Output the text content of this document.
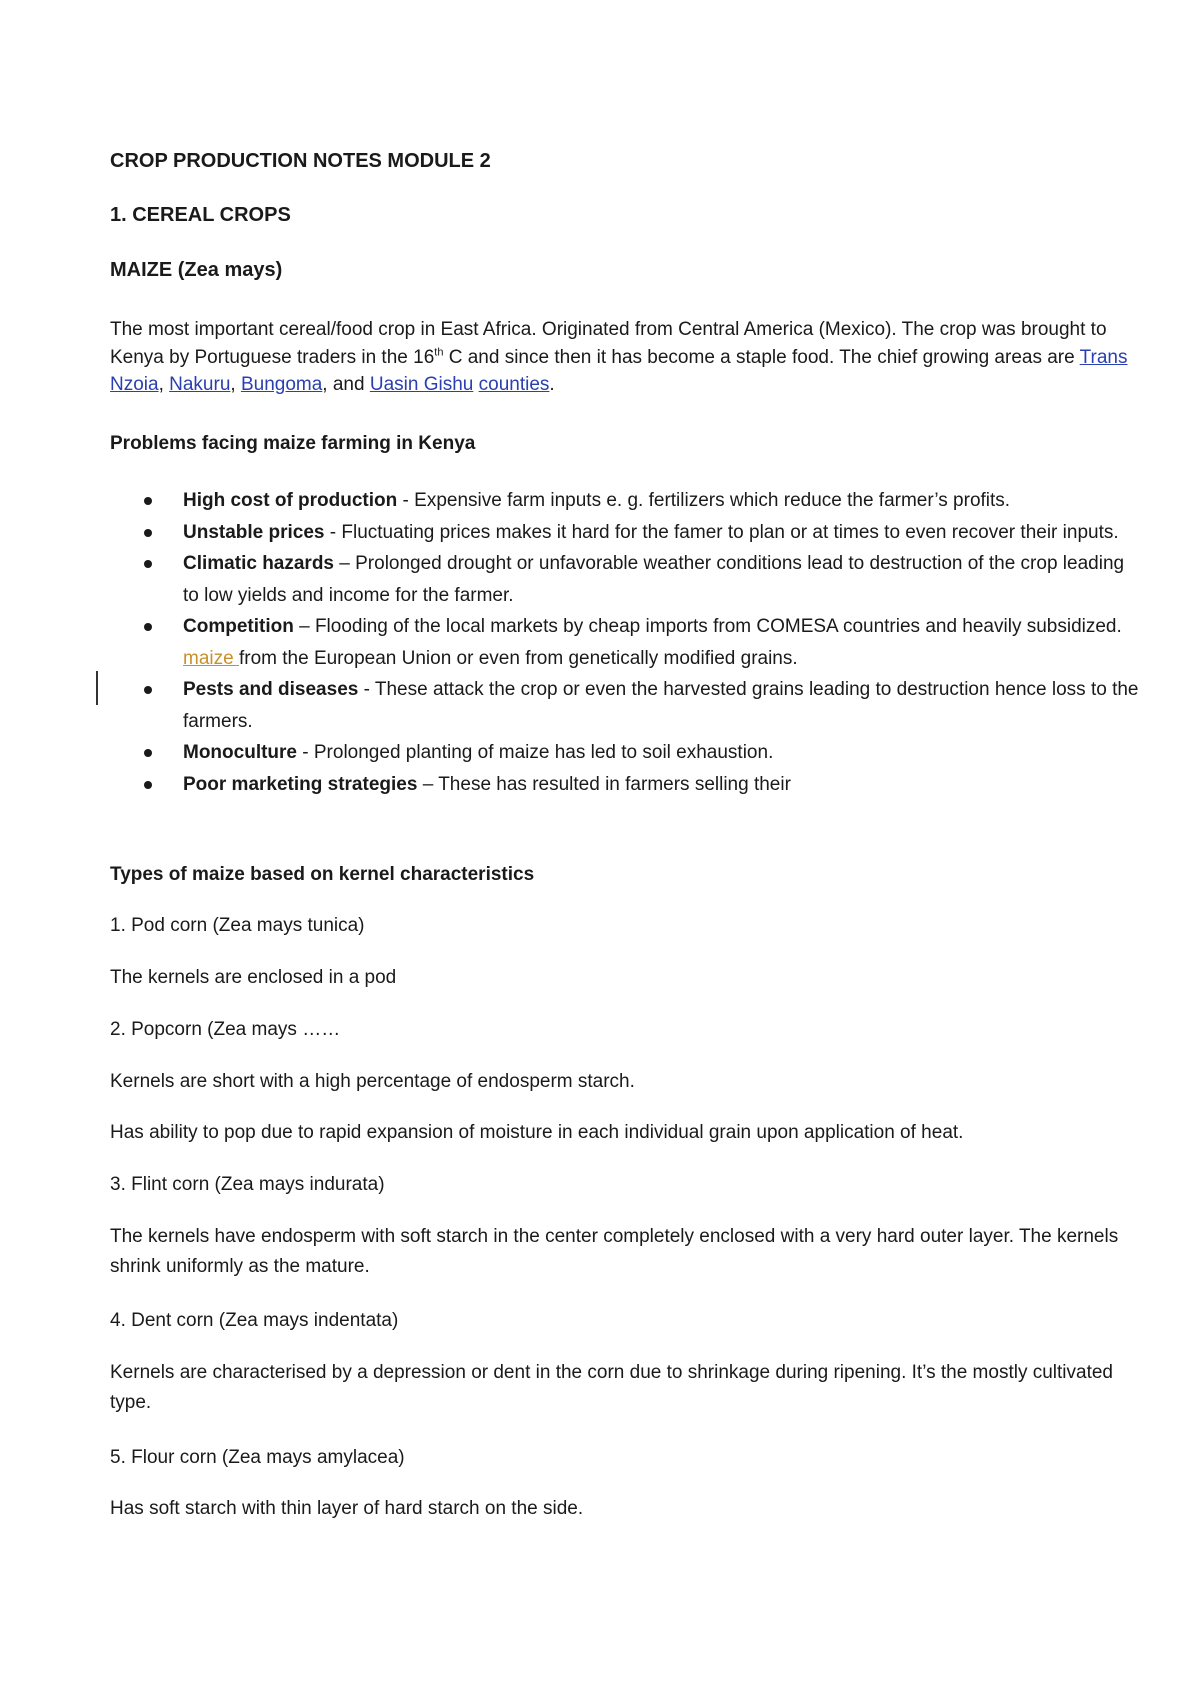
CROP PRODUCTION NOTES MODULE 2

1. CEREAL CROPS

MAIZE (Zea mays)

The most important cereal/food crop in East Africa. Originated from Central America (Mexico). The crop was brought to Kenya by Portuguese traders in the 16th C and since then it has become a staple food. The chief growing areas are Trans Nzoia, Nakuru, Bungoma, and Uasin Gishu counties.

Problems facing maize farming in Kenya

High cost of production - Expensive farm inputs e. g. fertilizers which reduce the farmer’s profits.
Unstable prices - Fluctuating prices makes it hard for the famer to plan or at times to even recover their inputs.
Climatic hazards – Prolonged drought or unfavorable weather conditions lead to destruction of the crop leading to low yields and income for the farmer.
Competition – Flooding of the local markets by cheap imports from COMESA countries and heavily subsidized. maize from the European Union or even from genetically modified grains.
Pests and diseases - These attack the crop or even the harvested grains leading to destruction hence loss to the farmers.
Monoculture - Prolonged planting of maize has led to soil exhaustion.
Poor marketing strategies – These has resulted in farmers selling their

Types of maize based on kernel characteristics

1. Pod corn (Zea mays tunica)

The kernels are enclosed in a pod

2. Popcorn (Zea mays ……

Kernels are short with a high percentage of endosperm starch.

Has ability to pop due to rapid expansion of moisture in each individual grain upon application of heat.

3. Flint corn (Zea mays indurata)

The kernels have endosperm with soft starch in the center completely enclosed with a very hard outer layer. The kernels shrink uniformly as the mature.

4. Dent corn (Zea mays indentata)

Kernels are characterised by a depression or dent in the corn due to shrinkage during ripening. It’s the mostly cultivated type.

5. Flour corn (Zea mays amylacea)

Has soft starch with thin layer of hard starch on the side.
